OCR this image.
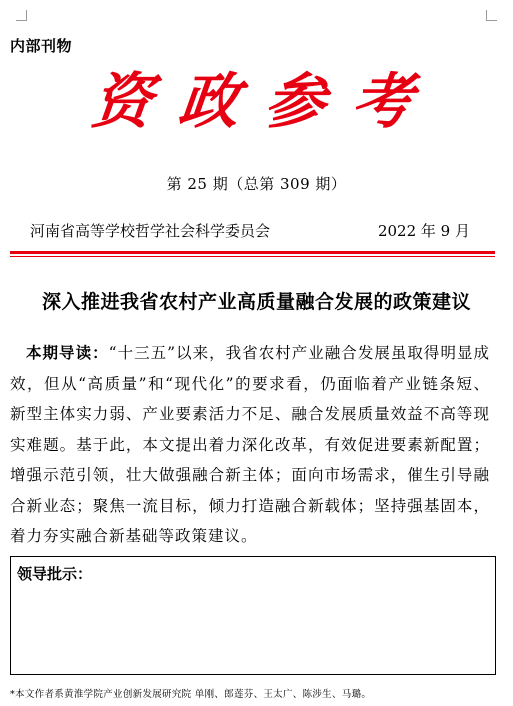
内部刊物
资 政 参 考
第 25 期（总第 309 期）
河南省高等学校哲学社会科学委员会	2022 年 9 月
深入推进我省农村产业高质量融合发展的政策建议
本期导读：“十三五”以来，我省农村产业融合发展虽取得明显成效，但从“高质量”和“现代化”的要求看，仍面临着产业链条短、新型主体实力弱、产业要素活力不足、融合发展质量效益不高等现实难题。基于此，本文提出着力深化改革，有效促进要素新配置；增强示范引领，壮大做强融合新主体；面向市场需求，催生引导融合新业态；聚焦一流目标，倾力打造融合新载体；坚持强基固本，着力夯实融合新基础等政策建议。
领导批示：
*本文作者系黄淮学院产业创新发展研究院 单刚、郎莲芬、王太广、陈涉生、马璐。
